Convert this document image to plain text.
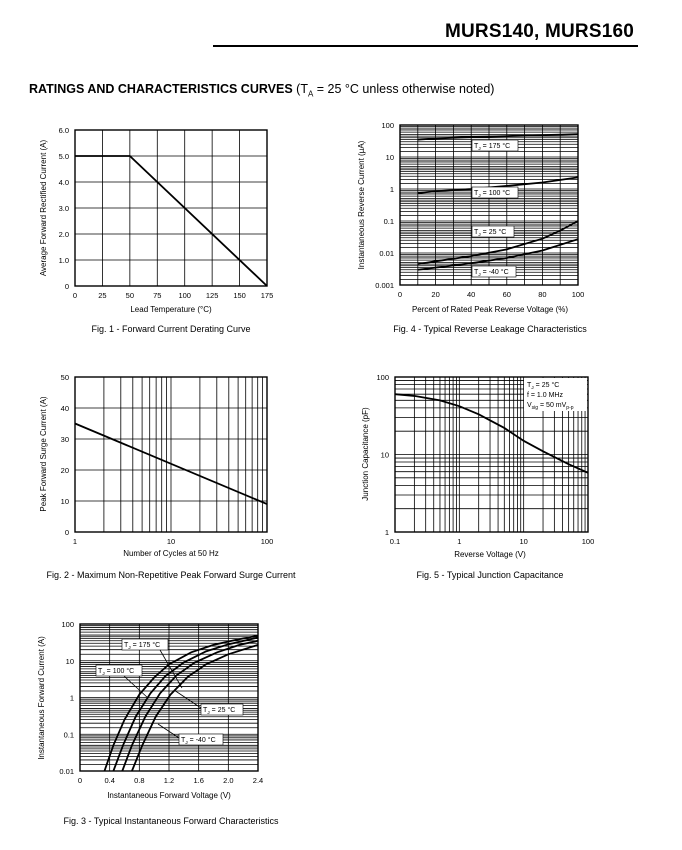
MURS140, MURS160
RATINGS AND CHARACTERISTICS CURVES ($T_A = 25$ °C unless otherwise noted)
0	25	50	75 100 125 150 175
0
1.0
2.0
3.0
4.0
5.0
6.0
Lead Temperature (°C)
Average Forward Rectified Current (A)
Fig. 1 - Forward Current Derating Curve
1	10	100
0
10
20
30
40
50
Number of Cycles at 50 Hz
Peak Forward Surge Current (A)
Fig. 2 - Maximum Non-Repetitive Peak Forward Surge Current
0	0.4	0.8	1.2	1.6	2.0	2.4
0.01
0.1
1
10
100
Instantaneous Forward Voltage (V)
Instantaneous Forward Current (A)
Fig. 3 - Typical Instantaneous Forward Characteristics
0	20	40	60	80	100
0.001
0.01
0.1
1
10
100
Percent of Rated Peak Reverse Voltage (%)
Instantaneous Reverse Current (µA)
Fig. 4 - Typical Reverse Leakage Characteristics
0.1	1	10	100
1
10
100
Reverse Voltage (V)
Junction Capacitance (pF)
Fig. 5 - Typical Junction Capacitance
$T_J = 175$ °C
$T_J = 100$ °C
$T_J = 25$ °C
$T_J = -40$ °C
$T_J = 175$ °C
$T_J = 100$ °C
$T_J = 25$ °C
$T_J = -40$ °C
$T_J = 25$ °C
f = 1.0 MHz
$V_{sig} = 50$ $mV_{p-p}$
